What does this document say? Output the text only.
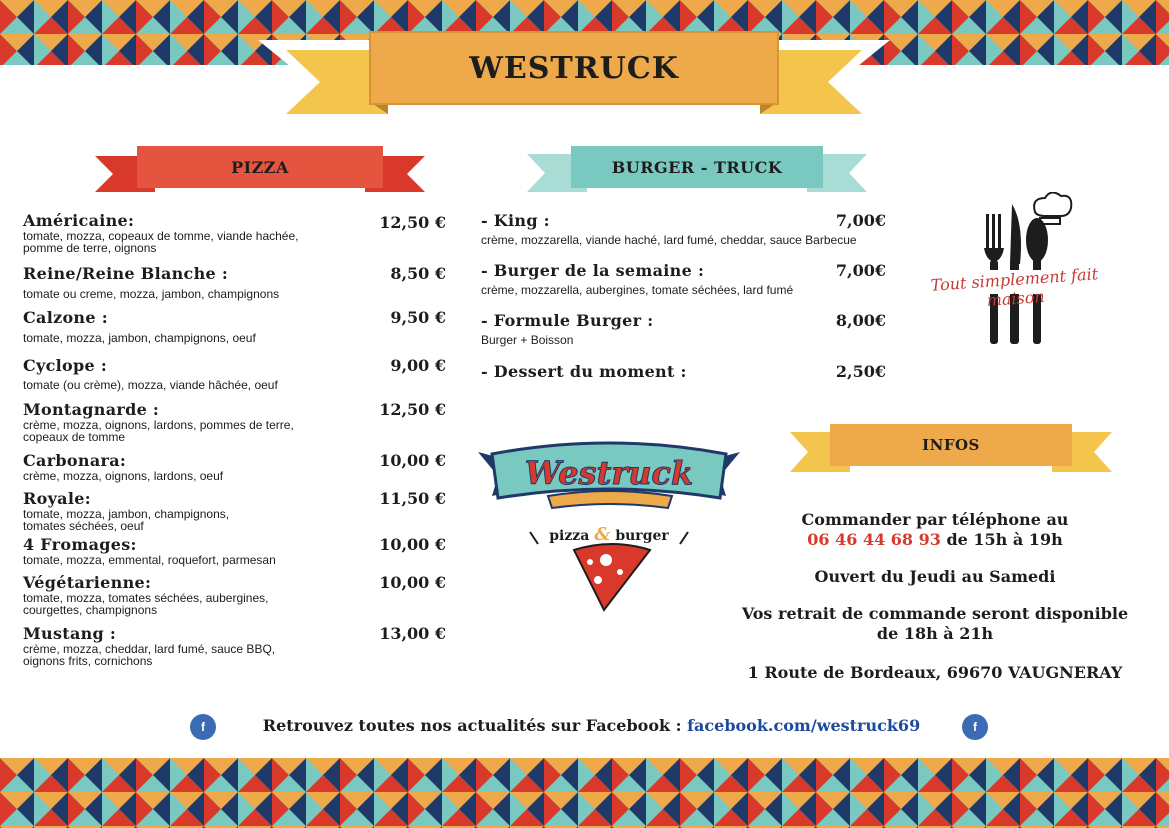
WESTRUCK
PIZZA	BURGER - TRUCK
Américaine:
tomate, mozza, copeaux de tomme, viande hachée, pomme de terre, oignons
12,50 €
Reine/Reine Blanche :
tomate ou creme, mozza, jambon, champignons
8,50 €
Calzone :
tomate, mozza, jambon, champignons, oeuf
9,50 €
Cyclope :
tomate (ou crème), mozza, viande hâchée, oeuf
9,00 €
Montagnarde :
crème, mozza, oignons, lardons, pommes de terre, copeaux de tomme
12,50 €
Carbonara:
crème, mozza, oignons, lardons, oeuf
10,00 €
Royale:
tomate, mozza, jambon, champignons, tomates séchées, oeuf
11,50 €
4 Fromages:
tomate, mozza, emmental, roquefort, parmesan
10,00 €
Végétarienne:
tomate, mozza, tomates séchées, aubergines, courgettes, champignons
10,00 €
Mustang :
crème, mozza, cheddar, lard fumé, sauce BBQ, oignons frits, cornichons
13,00 €
- King :
crème, mozzarella, viande haché, lard fumé, cheddar, sauce Barbecue
7,00€
- Burger de la semaine :
crème, mozzarella, aubergines, tomate séchées, lard fumé
7,00€
- Formule Burger :
Burger + Boisson
8,00€
- Dessert du moment :	2,50€
Tout simplement fait maison
Westruck
pizza & burger
INFOS
Commander par téléphone au
06 46 44 68 93 de 15h à 19h
Ouvert du Jeudi au Samedi
Vos retrait de commande seront disponible
de 18h à 21h
1 Route de Bordeaux, 69670 VAUGNERAY
f	Retrouvez toutes nos actualités sur Facebook : facebook.com/westruck69	f
